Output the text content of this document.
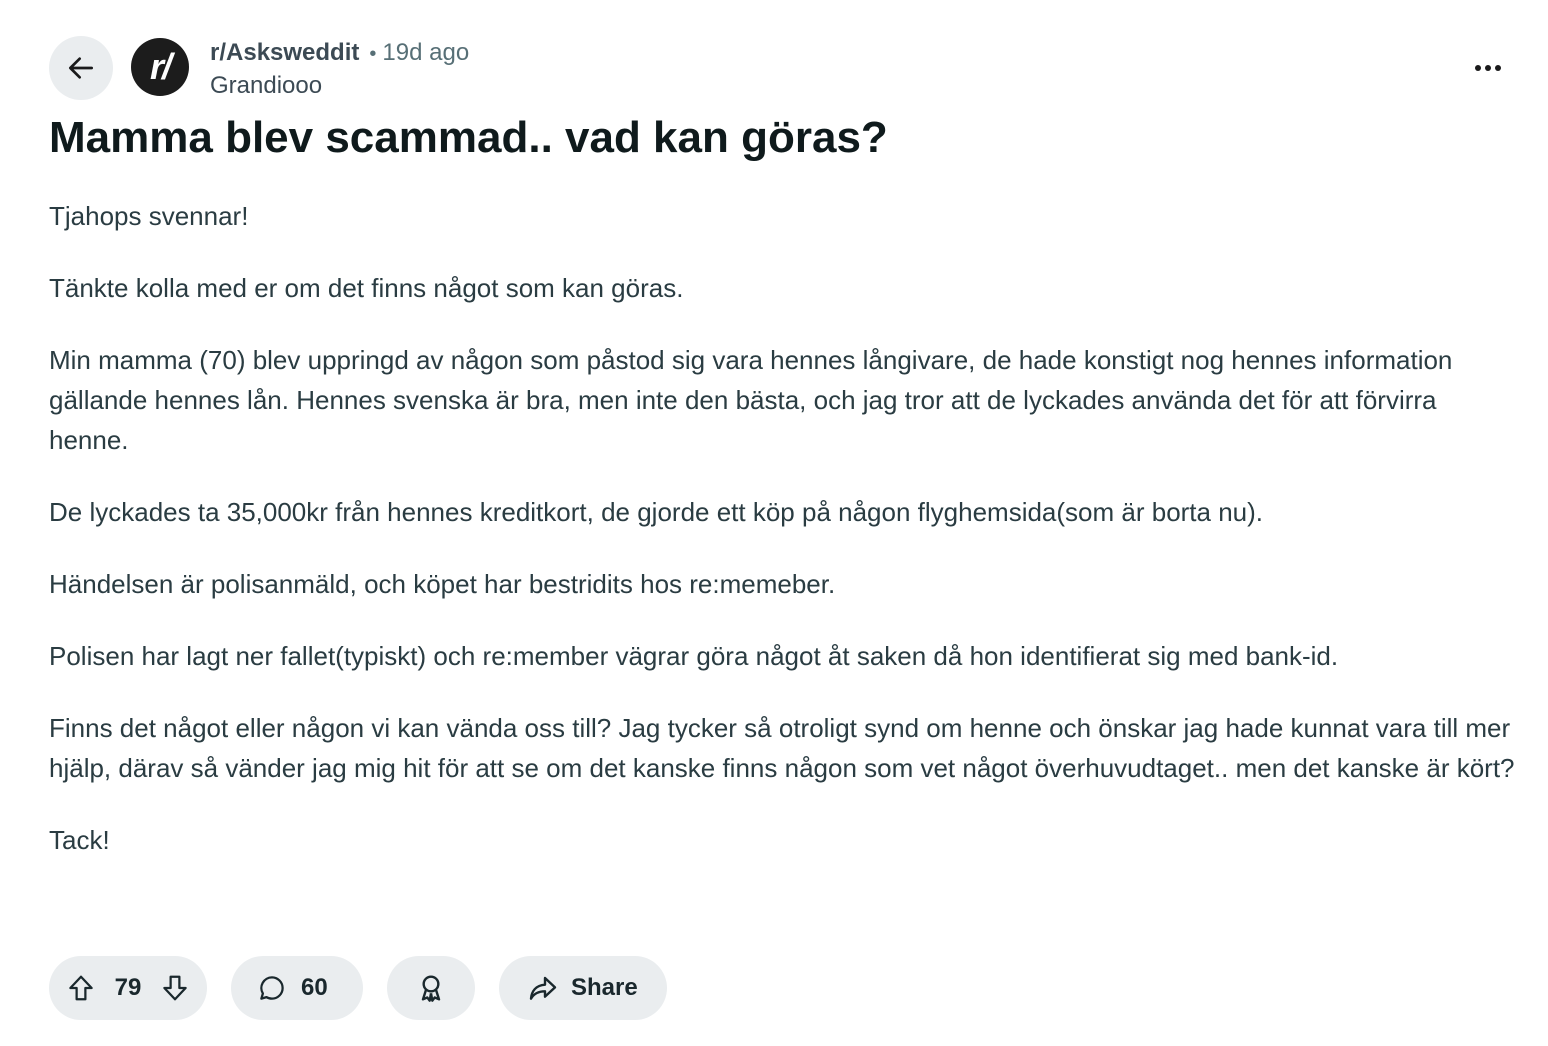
r/	r/Asksweddit • 19d ago
Grandiooo
Mamma blev scammad.. vad kan göras?

Tjahops svennar!

Tänkte kolla med er om det finns något som kan göras.

Min mamma (70) blev uppringd av någon som påstod sig vara hennes långivare, de hade konstigt nog hennes information gällande hennes lån. Hennes svenska är bra, men inte den bästa, och jag tror att de lyckades använda det för att förvirra henne.

De lyckades ta 35,000kr från hennes kreditkort, de gjorde ett köp på någon flyghemsida(som är borta nu).

Händelsen är polisanmäld, och köpet har bestridits hos re:memeber.

Polisen har lagt ner fallet(typiskt) och re:member vägrar göra något åt saken då hon identifierat sig med bank-id.

Finns det något eller någon vi kan vända oss till? Jag tycker så otroligt synd om henne och önskar jag hade kunnat vara till mer hjälp, därav så vänder jag mig hit för att se om det kanske finns någon som vet något överhuvudtaget.. men det kanske är kört?

Tack!

79	60	Share
